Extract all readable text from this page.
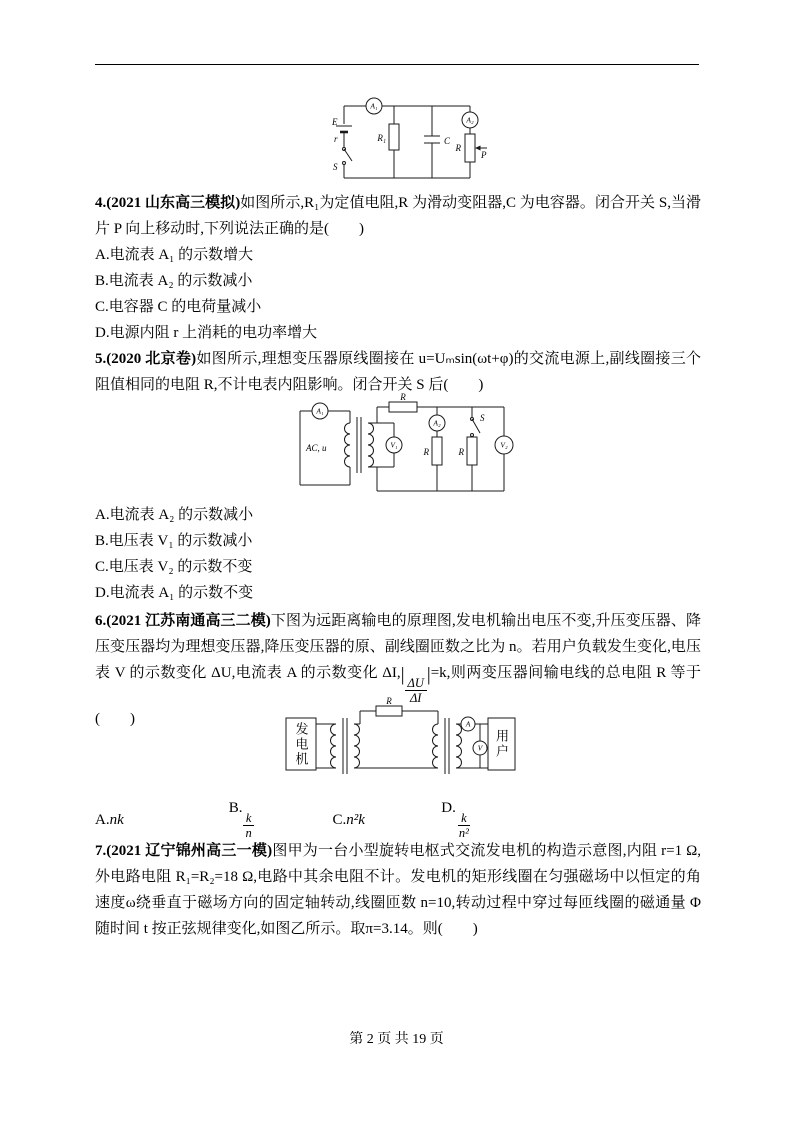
A₁
A₂
E
r
S
R₁	C
R
P
4.(2021 山东高三模拟)如图所示,R₁为定值电阻,R 为滑动变阻器,C 为电容器。闭合开关 S,当滑片 P 向上移动时,下列说法正确的是(　　)
A.电流表 A₁ 的示数增大
B.电流表 A₂ 的示数减小
C.电容器 C 的电荷量减小
D.电源内阻 r 上消耗的电功率增大
5.(2020 北京卷)如图所示,理想变压器原线圈接在 u=Uₘsin(ωt+φ)的交流电源上,副线圈接三个阻值相同的电阻 R,不计电表内阻影响。闭合开关 S 后(　　)
A₁
V₁
A₂
V₂
AC, u
R
R	R
S
A.电流表 A₂ 的示数减小
B.电压表 V₁ 的示数减小
C.电压表 V₂ 的示数不变
D.电流表 A₁ 的示数不变
6.(2021 江苏南通高三二模)下图为远距离输电的原理图,发电机输出电压不变,升压变压器、降压变压器均为理想变压器,降压变压器的原、副线圈匝数之比为 n。若用户负载发生变化,电压表 V 的示数变化 ΔU,电流表 A 的示数变化 ΔI,|
$\frac{\Delta U}{\Delta I}$
|=k,则两变压器间输电线的总电阻 R 等于(　　)	A
V
R
发电机	用户
A.nk B.
$\frac{k}{n}$	C.n²k D.
$\frac{k}{\text{n²}}$
7.(2021 辽宁锦州高三一模)图甲为一台小型旋转电枢式交流发电机的构造示意图,内阻 r=1 Ω,外电路电阻 R₁=R₂=18 Ω,电路中其余电阻不计。发电机的矩形线圈在匀强磁场中以恒定的角速度ω绕垂直于磁场方向的固定轴转动,线圈匝数 n=10,转动过程中穿过每匝线圈的磁通量 Φ 随时间 t 按正弦规律变化,如图乙所示。取π=3.14。则(　　)
第 2 页 共 19 页
